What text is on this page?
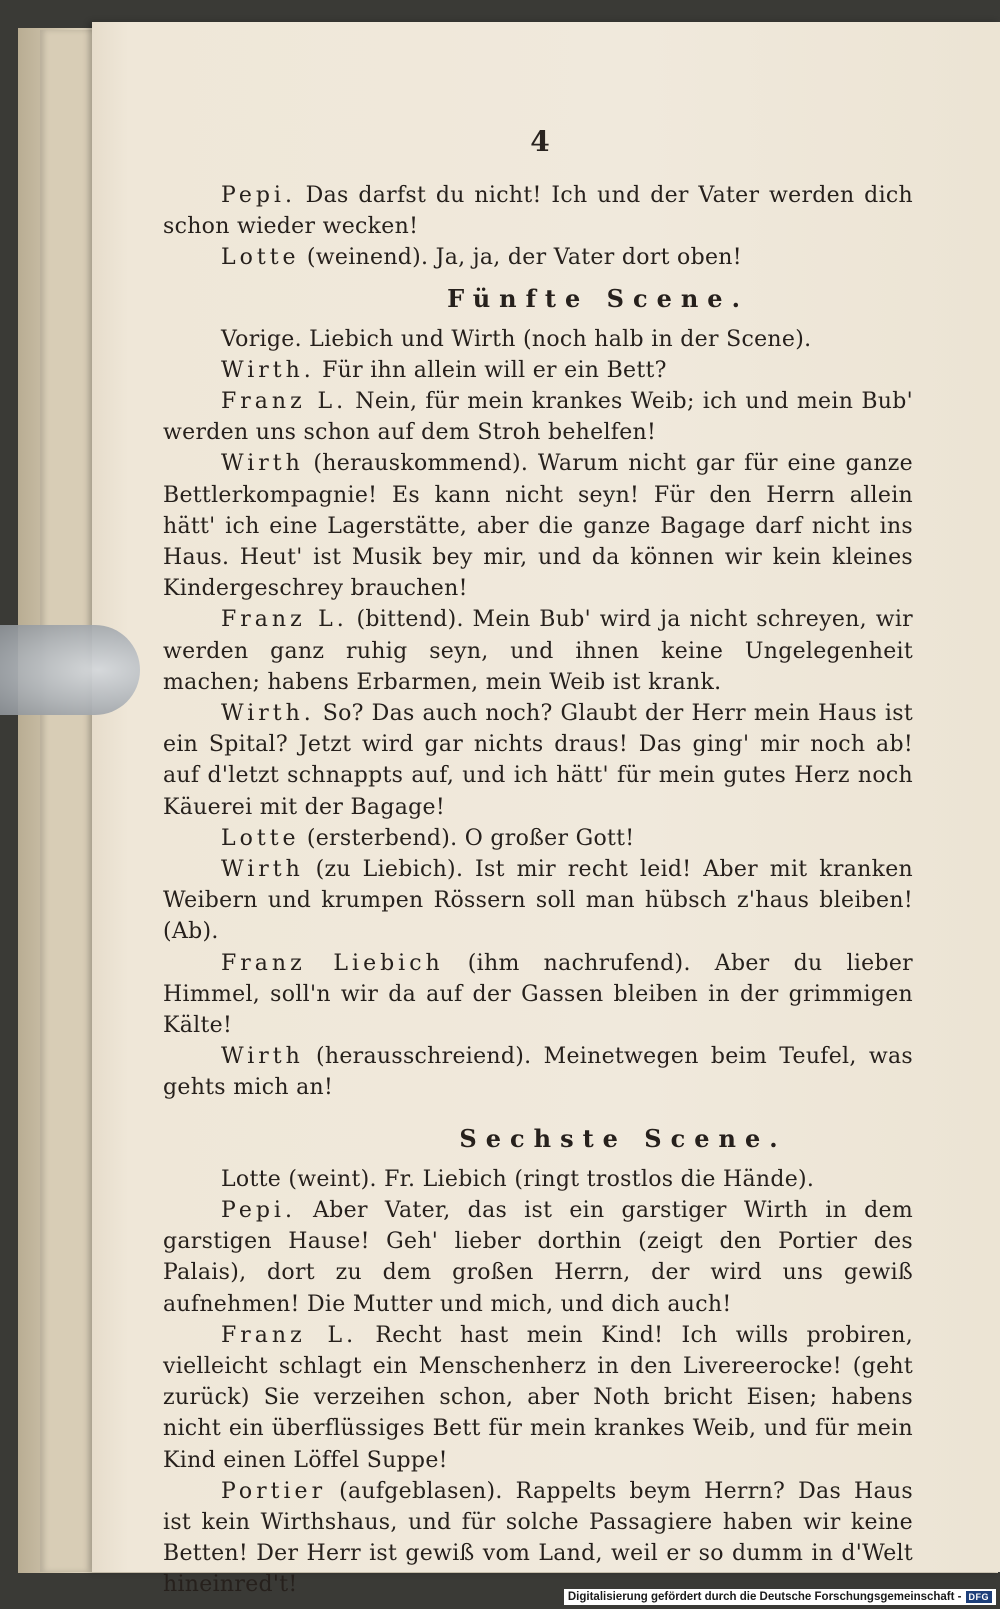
4

Pepi. Das darfst du nicht! Ich und der Vater werden dich schon wieder wecken!

Lotte (weinend). Ja, ja, der Vater dort oben!

Fünfte Scene.

Vorige. Liebich und Wirth (noch halb in der Scene).

Wirth. Für ihn allein will er ein Bett?

Franz L. Nein, für mein krankes Weib; ich und mein Bub' werden uns schon auf dem Stroh behelfen!

Wirth (herauskommend). Warum nicht gar für eine ganze Bettlerkompagnie! Es kann nicht seyn! Für den Herrn allein hätt' ich eine Lagerstätte, aber die ganze Bagage darf nicht ins Haus. Heut' ist Musik bey mir, und da können wir kein kleines Kindergeschrey brauchen!

Franz L. (bittend). Mein Bub' wird ja nicht schreyen, wir werden ganz ruhig seyn, und ihnen keine Ungelegenheit machen; habens Erbarmen, mein Weib ist krank.

Wirth. So? Das auch noch? Glaubt der Herr mein Haus ist ein Spital? Jetzt wird gar nichts draus! Das ging' mir noch ab! auf d'letzt schnappts auf, und ich hätt' für mein gutes Herz noch Käuerei mit der Bagage!

Lotte (ersterbend). O großer Gott!

Wirth (zu Liebich). Ist mir recht leid! Aber mit kranken Weibern und krumpen Rössern soll man hübsch z'haus bleiben! (Ab).

Franz Liebich (ihm nachrufend). Aber du lieber Himmel, soll'n wir da auf der Gassen bleiben in der grimmigen Kälte!

Wirth (herausschreiend). Meinetwegen beim Teufel, was gehts mich an!

Sechste Scene.

Lotte (weint). Fr. Liebich (ringt trostlos die Hände).

Pepi. Aber Vater, das ist ein garstiger Wirth in dem garstigen Hause! Geh' lieber dorthin (zeigt den Portier des Palais), dort zu dem großen Herrn, der wird uns gewiß aufnehmen! Die Mutter und mich, und dich auch!

Franz L. Recht hast mein Kind! Ich wills probiren, vielleicht schlagt ein Menschenherz in den Livereerocke! (geht zurück) Sie verzeihen schon, aber Noth bricht Eisen; habens nicht ein überflüssiges Bett für mein krankes Weib, und für mein Kind einen Löffel Suppe!

Portier (aufgeblasen). Rappelts beym Herrn? Das Haus ist kein Wirthshaus, und für solche Passagiere haben wir keine Betten! Der Herr ist gewiß vom Land, weil er so dumm in d'Welt hineinred't!	Digitalisierung gefördert durch die Deutsche Forschungsgemeinschaft - DFG
